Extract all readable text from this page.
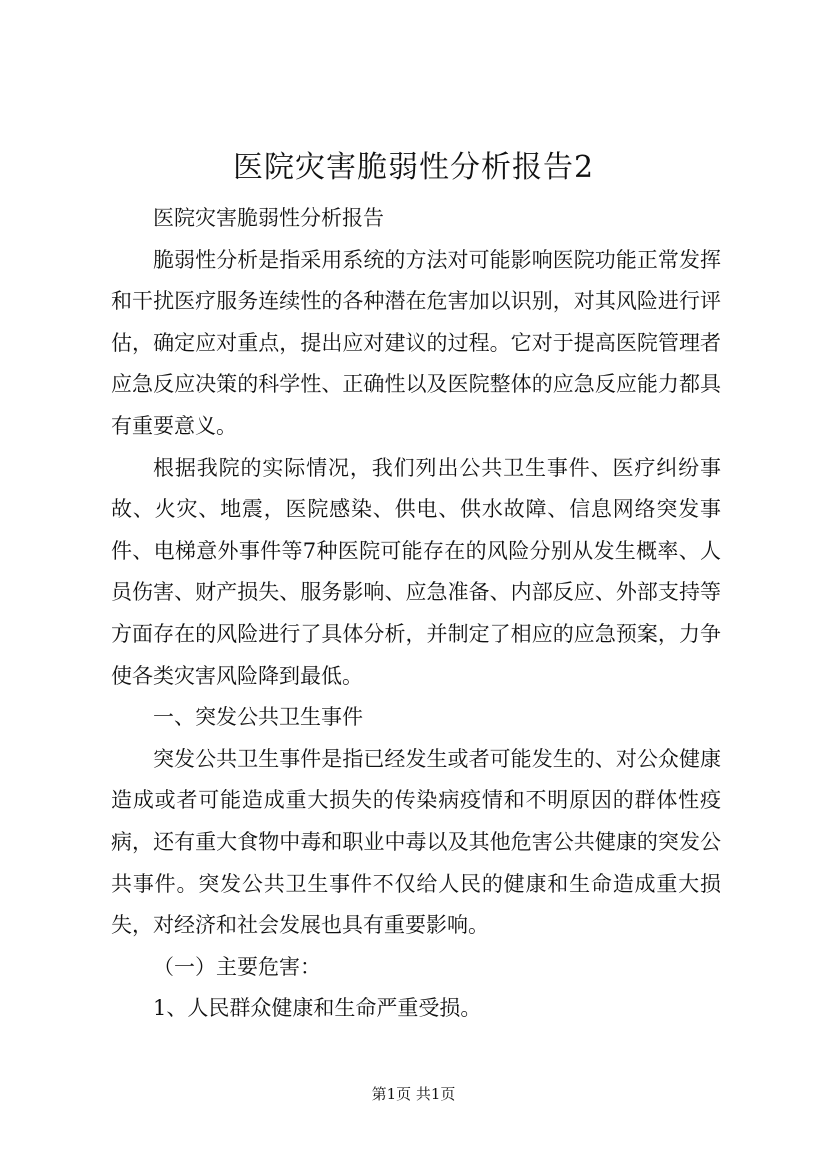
医院灾害脆弱性分析报告2

医院灾害脆弱性分析报告

脆弱性分析是指采用系统的方法对可能影响医院功能正常发挥和干扰医疗服务连续性的各种潜在危害加以识别，对其风险进行评估，确定应对重点，提出应对建议的过程。它对于提高医院管理者应急反应决策的科学性、正确性以及医院整体的应急反应能力都具有重要意义。

根据我院的实际情况，我们列出公共卫生事件、医疗纠纷事故、火灾、地震，医院感染、供电、供水故障、信息网络突发事件、电梯意外事件等7种医院可能存在的风险分别从发生概率、人员伤害、财产损失、服务影响、应急准备、内部反应、外部支持等方面存在的风险进行了具体分析，并制定了相应的应急预案，力争使各类灾害风险降到最低。

一、突发公共卫生事件

突发公共卫生事件是指已经发生或者可能发生的、对公众健康造成或者可能造成重大损失的传染病疫情和不明原因的群体性疫病，还有重大食物中毒和职业中毒以及其他危害公共健康的突发公共事件。突发公共卫生事件不仅给人民的健康和生命造成重大损失，对经济和社会发展也具有重要影响。

（一）主要危害：

1、人民群众健康和生命严重受损。

第1页 共1页
